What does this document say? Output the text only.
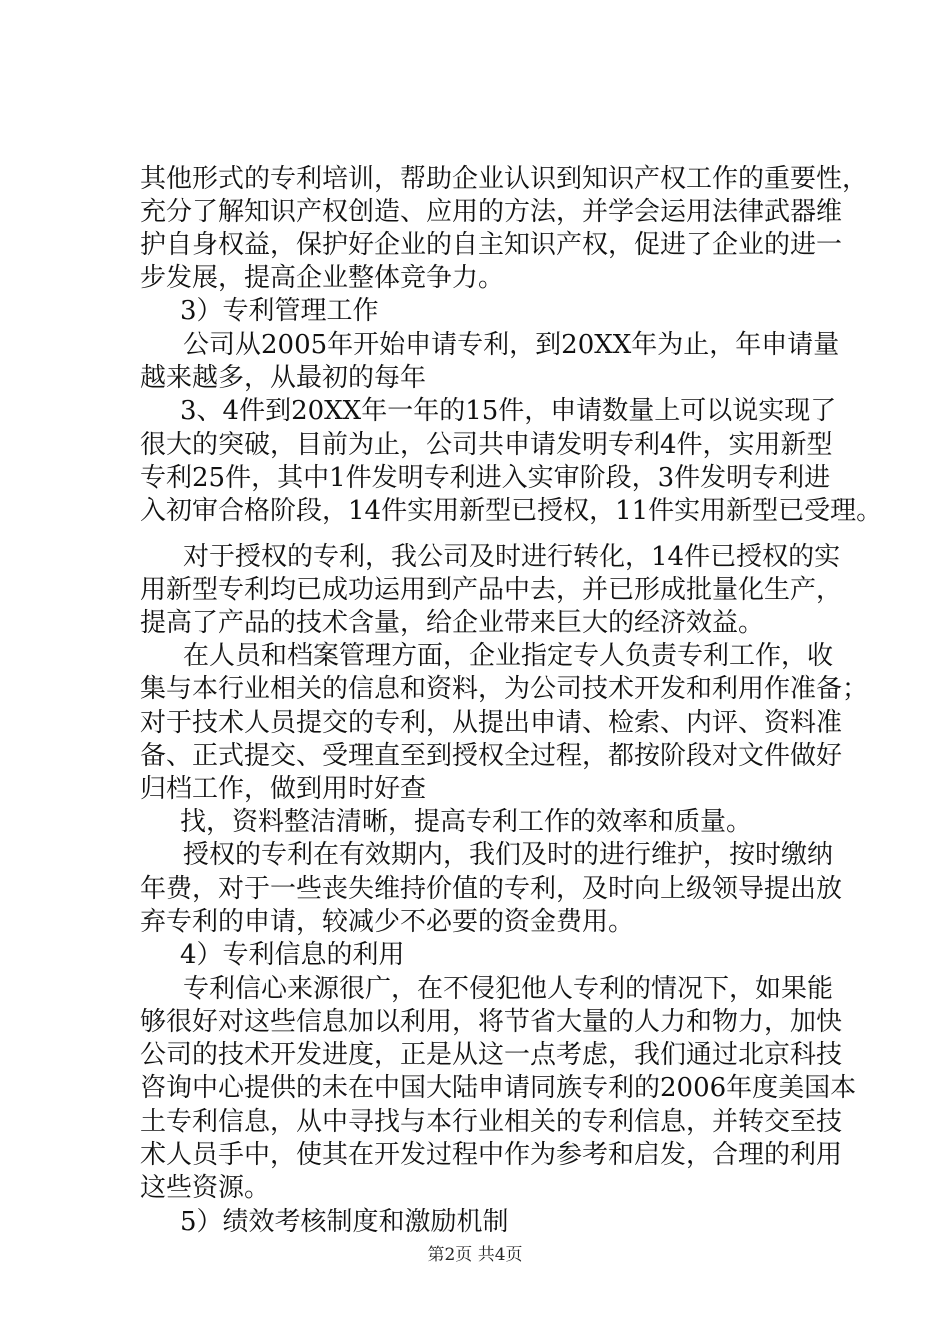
其他形式的专利培训，帮助企业认识到知识产权工作的重要性，
充分了解知识产权创造、应用的方法，并学会运用法律武器维
护自身权益，保护好企业的自主知识产权，促进了企业的进一
步发展，提高企业整体竞争力。
3）专利管理工作
公司从2005年开始申请专利，到20XX年为止，年申请量
越来越多，从最初的每年
3、4件到20XX年一年的15件，申请数量上可以说实现了
很大的突破，目前为止，公司共申请发明专利4件，实用新型
专利25件，其中1件发明专利进入实审阶段，3件发明专利进
入初审合格阶段，14件实用新型已授权，11件实用新型已受理。
对于授权的专利，我公司及时进行转化，14件已授权的实
用新型专利均已成功运用到产品中去，并已形成批量化生产，
提高了产品的技术含量，给企业带来巨大的经济效益。
在人员和档案管理方面，企业指定专人负责专利工作，收
集与本行业相关的信息和资料，为公司技术开发和利用作准备；
对于技术人员提交的专利，从提出申请、检索、内评、资料准
备、正式提交、受理直至到授权全过程，都按阶段对文件做好
归档工作，做到用时好查
找，资料整洁清晰，提高专利工作的效率和质量。
授权的专利在有效期内，我们及时的进行维护，按时缴纳
年费，对于一些丧失维持价值的专利，及时向上级领导提出放
弃专利的申请，较减少不必要的资金费用。
4）专利信息的利用
专利信心来源很广，在不侵犯他人专利的情况下，如果能
够很好对这些信息加以利用，将节省大量的人力和物力，加快
公司的技术开发进度，正是从这一点考虑，我们通过北京科技
咨询中心提供的未在中国大陆申请同族专利的2006年度美国本
土专利信息，从中寻找与本行业相关的专利信息，并转交至技
术人员手中，使其在开发过程中作为参考和启发，合理的利用
这些资源。
第2页 共4页
5）绩效考核制度和激励机制
